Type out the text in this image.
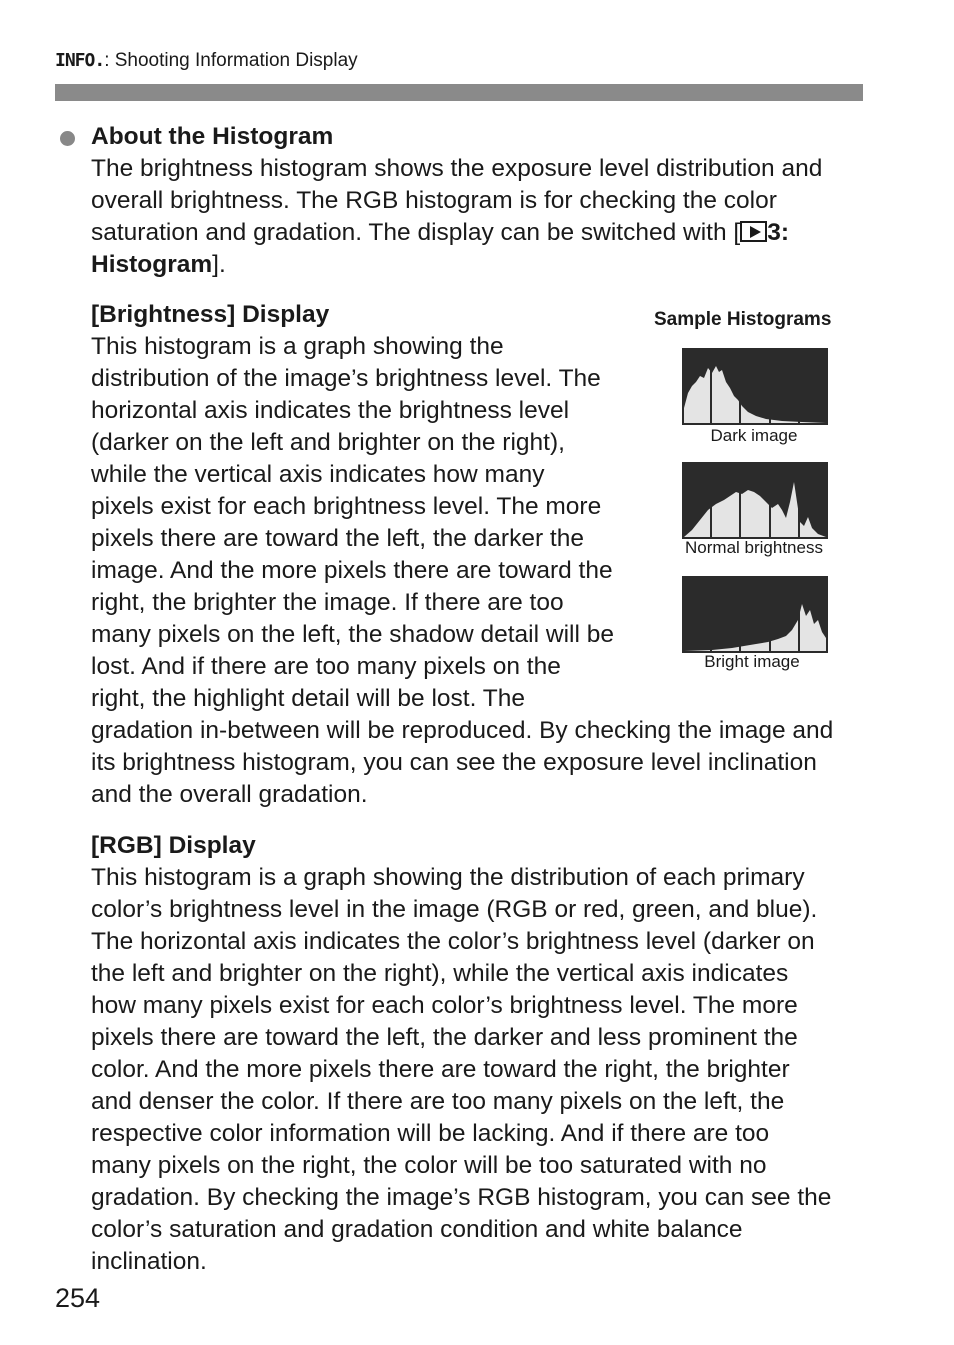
INFO.: Shooting Information Display
About the Histogram
The brightness histogram shows the exposure level distribution and
overall brightness. The RGB histogram is for checking the color
saturation and gradation. The display can be switched with [ 3:
Histogram].
[Brightness] Display
This histogram is a graph showing the
distribution of the image’s brightness level. The
horizontal axis indicates the brightness level
(darker on the left and brighter on the right),
while the vertical axis indicates how many
pixels exist for each brightness level. The more
pixels there are toward the left, the darker the
image. And the more pixels there are toward the
right, the brighter the image. If there are too
many pixels on the left, the shadow detail will be
lost. And if there are too many pixels on the
right, the highlight detail will be lost. The
gradation in-between will be reproduced. By checking the image and
its brightness histogram, you can see the exposure level inclination
and the overall gradation.
Sample Histograms
Dark image
Normal brightness
Bright image
[RGB] Display
This histogram is a graph showing the distribution of each primary
color’s brightness level in the image (RGB or red, green, and blue).
The horizontal axis indicates the color’s brightness level (darker on
the left and brighter on the right), while the vertical axis indicates
how many pixels exist for each color’s brightness level. The more
pixels there are toward the left, the darker and less prominent the
color. And the more pixels there are toward the right, the brighter
and denser the color. If there are too many pixels on the left, the
respective color information will be lacking. And if there are too
many pixels on the right, the color will be too saturated with no
gradation. By checking the image’s RGB histogram, you can see the
color’s saturation and gradation condition and white balance
inclination.
254
